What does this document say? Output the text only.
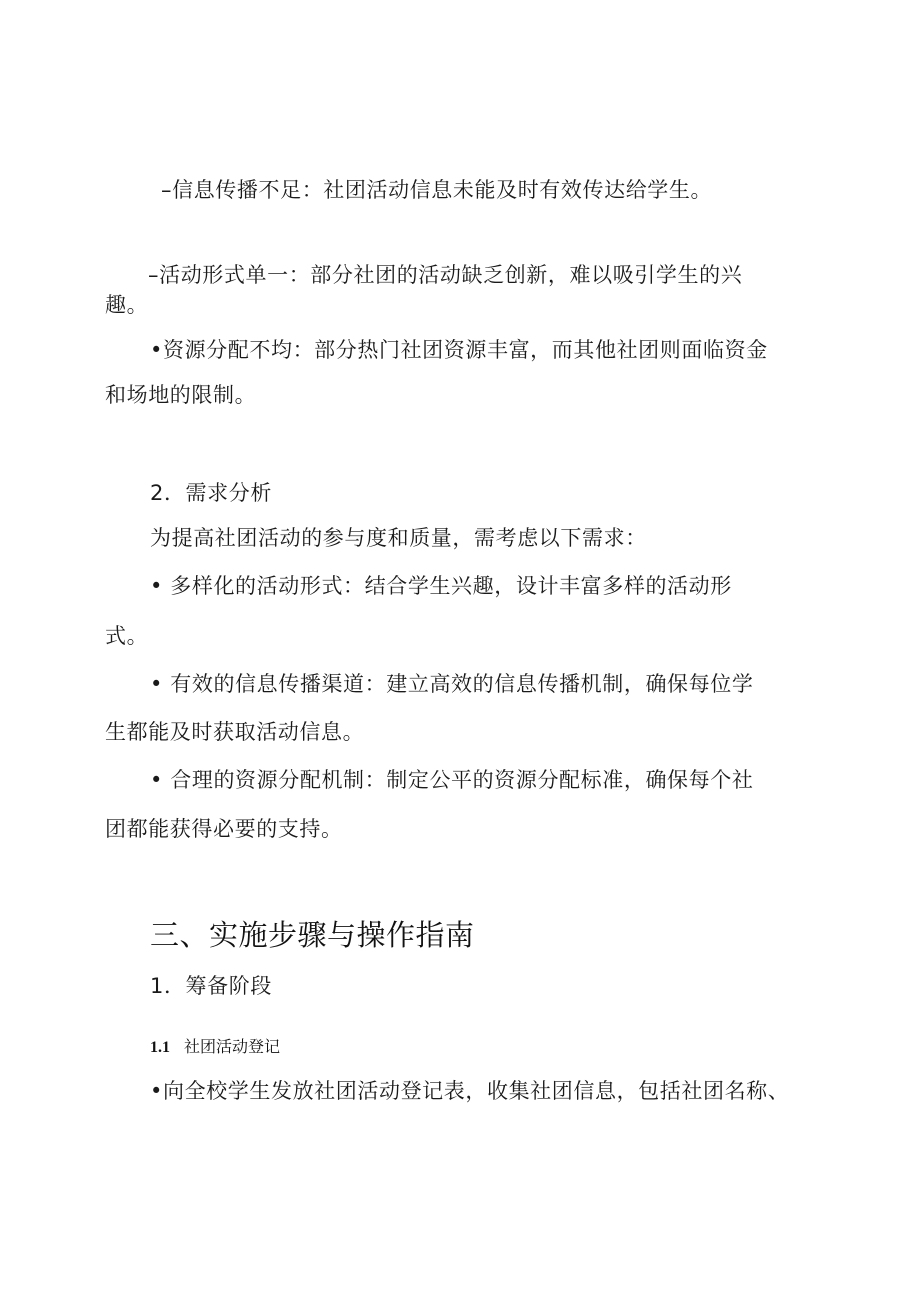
–信息传播不足：社团活动信息未能及时有效传达给学生。
–活动形式单一：部分社团的活动缺乏创新，难以吸引学生的兴
趣。
•资源分配不均：部分热门社团资源丰富，而其他社团则面临资金
和场地的限制。
2．需求分析
为提高社团活动的参与度和质量，需考虑以下需求：
• 多样化的活动形式：结合学生兴趣，设计丰富多样的活动形
式。
• 有效的信息传播渠道：建立高效的信息传播机制，确保每位学
生都能及时获取活动信息。
• 合理的资源分配机制：制定公平的资源分配标准，确保每个社
团都能获得必要的支持。
三、实施步骤与操作指南
1．筹备阶段
1.1 社团活动登记
•向全校学生发放社团活动登记表，收集社团信息，包括社团名称、
